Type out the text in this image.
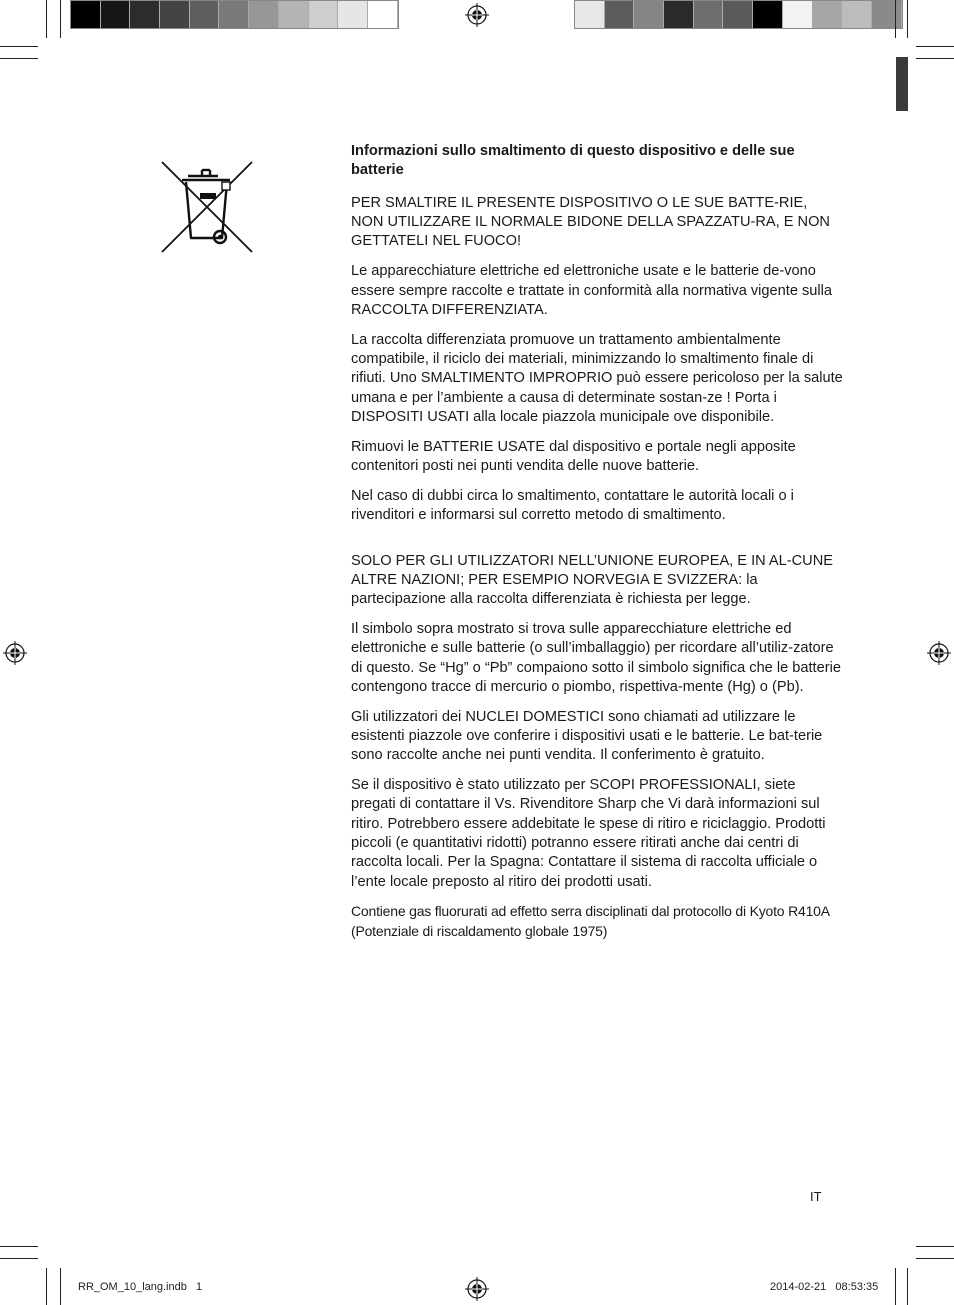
Informazioni sullo smaltimento di questo dispositivo e delle sue batterie

PER SMALTIRE IL PRESENTE DISPOSITIVO O LE SUE BATTE-RIE, NON UTILIZZARE IL NORMALE BIDONE DELLA SPAZZATU-RA, E NON GETTATELI NEL FUOCO!

Le apparecchiature elettriche ed elettroniche usate e le batterie de-vono essere sempre raccolte e trattate in conformità alla normativa vigente sulla RACCOLTA DIFFERENZIATA.

La raccolta differenziata promuove un trattamento ambientalmente compatibile, il riciclo dei materiali, minimizzando lo smaltimento finale di rifiuti. Uno SMALTIMENTO IMPROPRIO può essere pericoloso per la salute umana e per l’ambiente a causa di determinate sostan-ze ! Porta i DISPOSITI USATI alla locale piazzola municipale ove disponibile.

Rimuovi le BATTERIE USATE dal dispositivo e portale negli apposite contenitori posti nei punti vendita delle nuove batterie.

Nel caso di dubbi circa lo smaltimento, contattare le autorità locali o i rivenditori e informarsi sul corretto metodo di smaltimento.

SOLO PER GLI UTILIZZATORI NELL’UNIONE EUROPEA, E IN AL-CUNE ALTRE NAZIONI; PER ESEMPIO NORVEGIA E SVIZZERA: la partecipazione alla raccolta differenziata è richiesta per legge.

Il simbolo sopra mostrato si trova sulle apparecchiature elettriche ed elettroniche e sulle batterie (o sull’imballaggio) per ricordare all’utiliz-zatore di questo. Se “Hg” o “Pb” compaiono sotto il simbolo significa che le batterie contengono tracce di mercurio o piombo, rispettiva-mente (Hg) o (Pb).

Gli utilizzatori dei NUCLEI DOMESTICI sono chiamati ad utilizzare le esistenti piazzole ove conferire i dispositivi usati e le batterie. Le bat-terie sono raccolte anche nei punti vendita. Il conferimento è gratuito.

Se il dispositivo è stato utilizzato per SCOPI PROFESSIONALI, siete pregati di contattare il Vs. Rivenditore Sharp che Vi darà informazioni sul ritiro. Potrebbero essere addebitate le spese di ritiro e riciclaggio. Prodotti piccoli (e quantitativi ridotti) potranno essere ritirati anche dai centri di raccolta locali. Per la Spagna: Contattare il sistema di raccolta ufficiale o l’ente locale preposto al ritiro dei prodotti usati.

Contiene gas fluorurati ad effetto serra disciplinati dal protocollo di Kyoto R410A (Potenziale di riscaldamento globale 1975)

IT
RR_OM_10_lang.indb   1	2014-02-21   08:53:35
